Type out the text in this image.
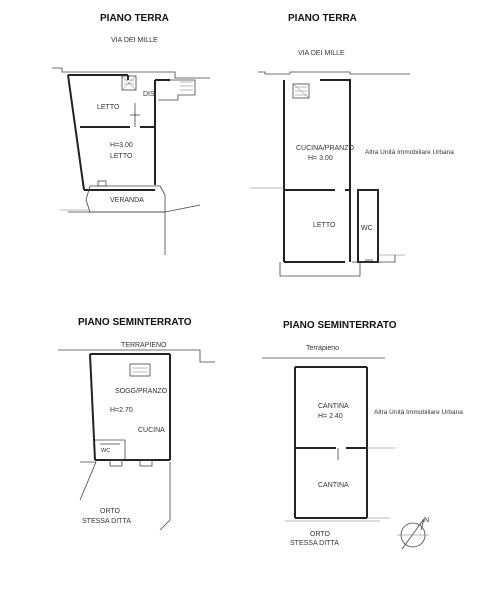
PIANO TERRA
VIA DEI MILLE
LETTO
DIS.
H=3.00
LETTO
VERANDA
PIANO TERRA
VIA DEI MILLE
CUCINA/PRANZO
H= 3.00
LETTO	WC
Altra Unità Immobiliare Urbana
PIANO SEMINTERRATO
TERRAPIENO
SOGG/PRANZO
H=2.70
CUCINA
WC
ORTO
STESSA DITTA
PIANO SEMINTERRATO
Terrapieno
CANTINA
H= 2.40
CANTINA
Altra Unità Immobiliare Urbana
ORTO
STESSA DITTA
N
